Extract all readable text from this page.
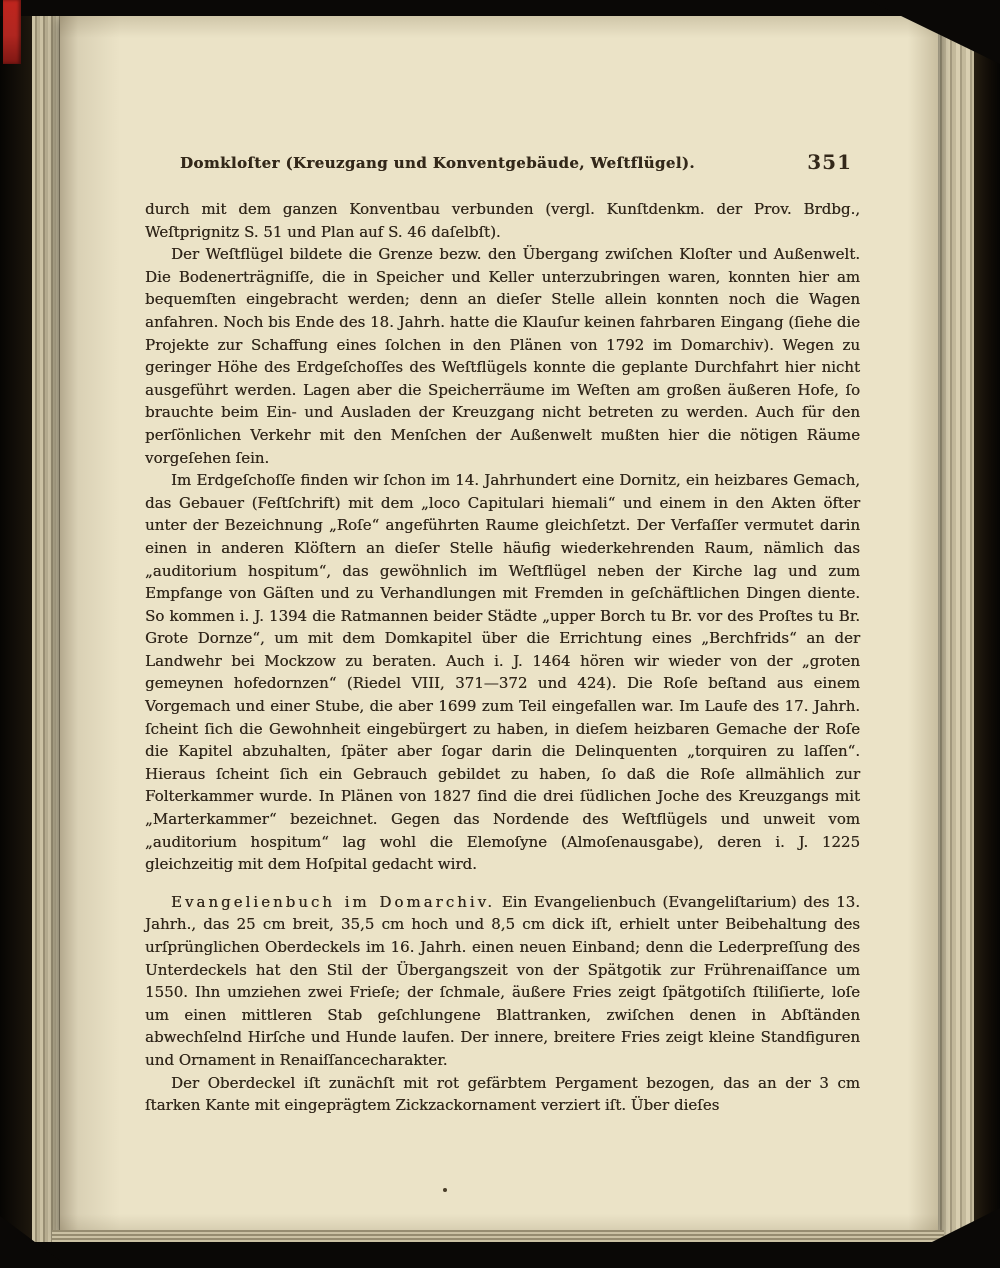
Domkloſter (Kreuzgang und Konventgebäude, Weſtflügel).	351

durch mit dem ganzen Konventbau verbunden (vergl. Kunſtdenkm. der Prov. Brdbg., Weſtprignitz S. 51 und Plan auf S. 46 daſelbſt).

Der Weſtflügel bildete die Grenze bezw. den Übergang zwiſchen Kloſter und Außenwelt. Die Bodenerträgniſſe, die in Speicher und Keller unterzubringen waren, konnten hier am bequemſten eingebracht werden; denn an dieſer Stelle allein konnten noch die Wagen anfahren. Noch bis Ende des 18. Jahrh. hatte die Klauſur keinen fahrbaren Eingang (ſiehe die Projekte zur Schaffung eines ſolchen in den Plänen von 1792 im Domarchiv). Wegen zu geringer Höhe des Erdgeſchoſſes des Weſtflügels konnte die geplante Durchfahrt hier nicht ausgeführt werden. Lagen aber die Speicherräume im Weſten am großen äußeren Hofe, ſo brauchte beim Ein- und Ausladen der Kreuzgang nicht betreten zu werden. Auch für den perſönlichen Verkehr mit den Menſchen der Außenwelt mußten hier die nötigen Räume vorgeſehen ſein.

Im Erdgeſchoſſe finden wir ſchon im 14. Jahrhundert eine Dornitz, ein heizbares Gemach, das Gebauer (Feſtſchrift) mit dem „loco Capitulari hiemali“ und einem in den Akten öfter unter der Bezeichnung „Roſe“ angeführten Raume gleichſetzt. Der Verfaſſer vermutet darin einen in anderen Klöſtern an dieſer Stelle häufig wiederkehrenden Raum, nämlich das „auditorium hospitum“, das gewöhnlich im Weſtflügel neben der Kirche lag und zum Empfange von Gäſten und zu Verhandlungen mit Fremden in geſchäftlichen Dingen diente. So kommen i. J. 1394 die Ratmannen beider Städte „upper Borch tu Br. vor des Proſtes tu Br. Grote Dornze“, um mit dem Domkapitel über die Errichtung eines „Berchfrids“ an der Landwehr bei Mockzow zu beraten. Auch i. J. 1464 hören wir wieder von der „groten gemeynen hofedornzen“ (Riedel VIII, 371—372 und 424). Die Roſe beſtand aus einem Vorgemach und einer Stube, die aber 1699 zum Teil eingefallen war. Im Laufe des 17. Jahrh. ſcheint ſich die Gewohnheit eingebürgert zu haben, in dieſem heizbaren Gemache der Roſe die Kapitel abzuhalten, ſpäter aber ſogar darin die Delinquenten „torquiren zu laſſen“. Hieraus ſcheint ſich ein Gebrauch gebildet zu haben, ſo daß die Roſe allmählich zur Folterkammer wurde. In Plänen von 1827 ſind die drei ſüdlichen Joche des Kreuzgangs mit „Marterkammer“ bezeichnet. Gegen das Nordende des Weſtflügels und unweit vom „auditorium hospitum“ lag wohl die Elemoſyne (Almoſenausgabe), deren i. J. 1225 gleichzeitig mit dem Hoſpital gedacht wird.

Evangelienbuch im Domarchiv. Ein Evangelienbuch (Evangeliſtarium) des 13. Jahrh., das 25 cm breit, 35,5 cm hoch und 8,5 cm dick iſt, erhielt unter Beibehaltung des urſprünglichen Oberdeckels im 16. Jahrh. einen neuen Einband; denn die Lederpreſſung des Unterdeckels hat den Stil der Übergangszeit von der Spätgotik zur Frührenaiſſance um 1550. Ihn umziehen zwei Frieſe; der ſchmale, äußere Fries zeigt ſpätgotiſch ſtiliſierte, loſe um einen mittleren Stab geſchlungene Blattranken, zwiſchen denen in Abſtänden abwechſelnd Hirſche und Hunde laufen. Der innere, breitere Fries zeigt kleine Standfiguren und Ornament in Renaiſſancecharakter.

Der Oberdeckel iſt zunächſt mit rot gefärbtem Pergament bezogen, das an der 3 cm ſtarken Kante mit eingeprägtem Zickzackornament verziert iſt. Über dieſes
